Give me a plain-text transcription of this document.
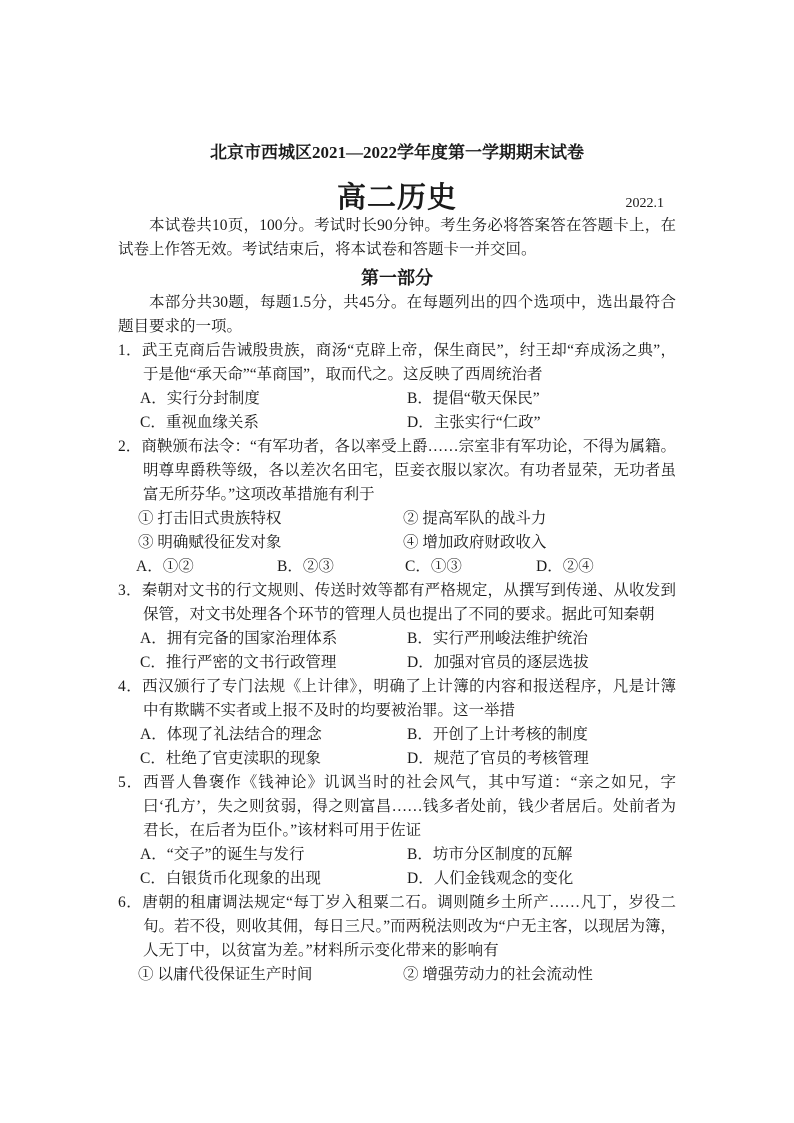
北京市西城区2021—2022学年度第一学期期末试卷
高二历史	2022.1

本试卷共10页，100分。考试时长90分钟。考生务必将答案答在答题卡上，在试卷上作答无效。考试结束后，将本试卷和答题卡一并交回。

第一部分

本部分共30题，每题1.5分，共45分。在每题列出的四个选项中，选出最符合题目要求的一项。

1．武王克商后告诫殷贵族，商汤“克辟上帝，保生商民”，纣王却“弃成汤之典”，于是他“承天命”“革商国”，取而代之。这反映了西周统治者

A．实行分封制度	B．提倡“敬天保民”
C．重视血缘关系	D．主张实行“仁政”

2．商鞅颁布法令：“有军功者，各以率受上爵……宗室非有军功论，不得为属籍。明尊卑爵秩等级，各以差次名田宅，臣妾衣服以家次。有功者显荣，无功者虽富无所芬华。”这项改革措施有利于

① 打击旧式贵族特权	② 提高军队的战斗力
③ 明确赋役征发对象	④ 增加政府财政收入
A．①②	B．②③	C．①③	D．②④

3．秦朝对文书的行文规则、传送时效等都有严格规定，从撰写到传递、从收发到保管，对文书处理各个环节的管理人员也提出了不同的要求。据此可知秦朝

A．拥有完备的国家治理体系	B．实行严刑峻法维护统治
C．推行严密的文书行政管理	D．加强对官员的逐层选拔

4．西汉颁行了专门法规《上计律》，明确了上计簿的内容和报送程序，凡是计簿中有欺瞒不实者或上报不及时的均要被治罪。这一举措

A．体现了礼法结合的理念	B．开创了上计考核的制度
C．杜绝了官吏渎职的现象	D．规范了官员的考核管理

5．西晋人鲁褒作《钱神论》讥讽当时的社会风气，其中写道：“亲之如兄，字曰‘孔方’，失之则贫弱，得之则富昌……钱多者处前，钱少者居后。处前者为君长，在后者为臣仆。”该材料可用于佐证

A．“交子”的诞生与发行	B．坊市分区制度的瓦解
C．白银货币化现象的出现	D．人们金钱观念的变化

6．唐朝的租庸调法规定“每丁岁入租粟二石。调则随乡土所产……凡丁，岁役二旬。若不役，则收其佣，每日三尺。”而两税法则改为“户无主客，以现居为簿，人无丁中，以贫富为差。”材料所示变化带来的影响有

① 以庸代役保证生产时间	② 增强劳动力的社会流动性
